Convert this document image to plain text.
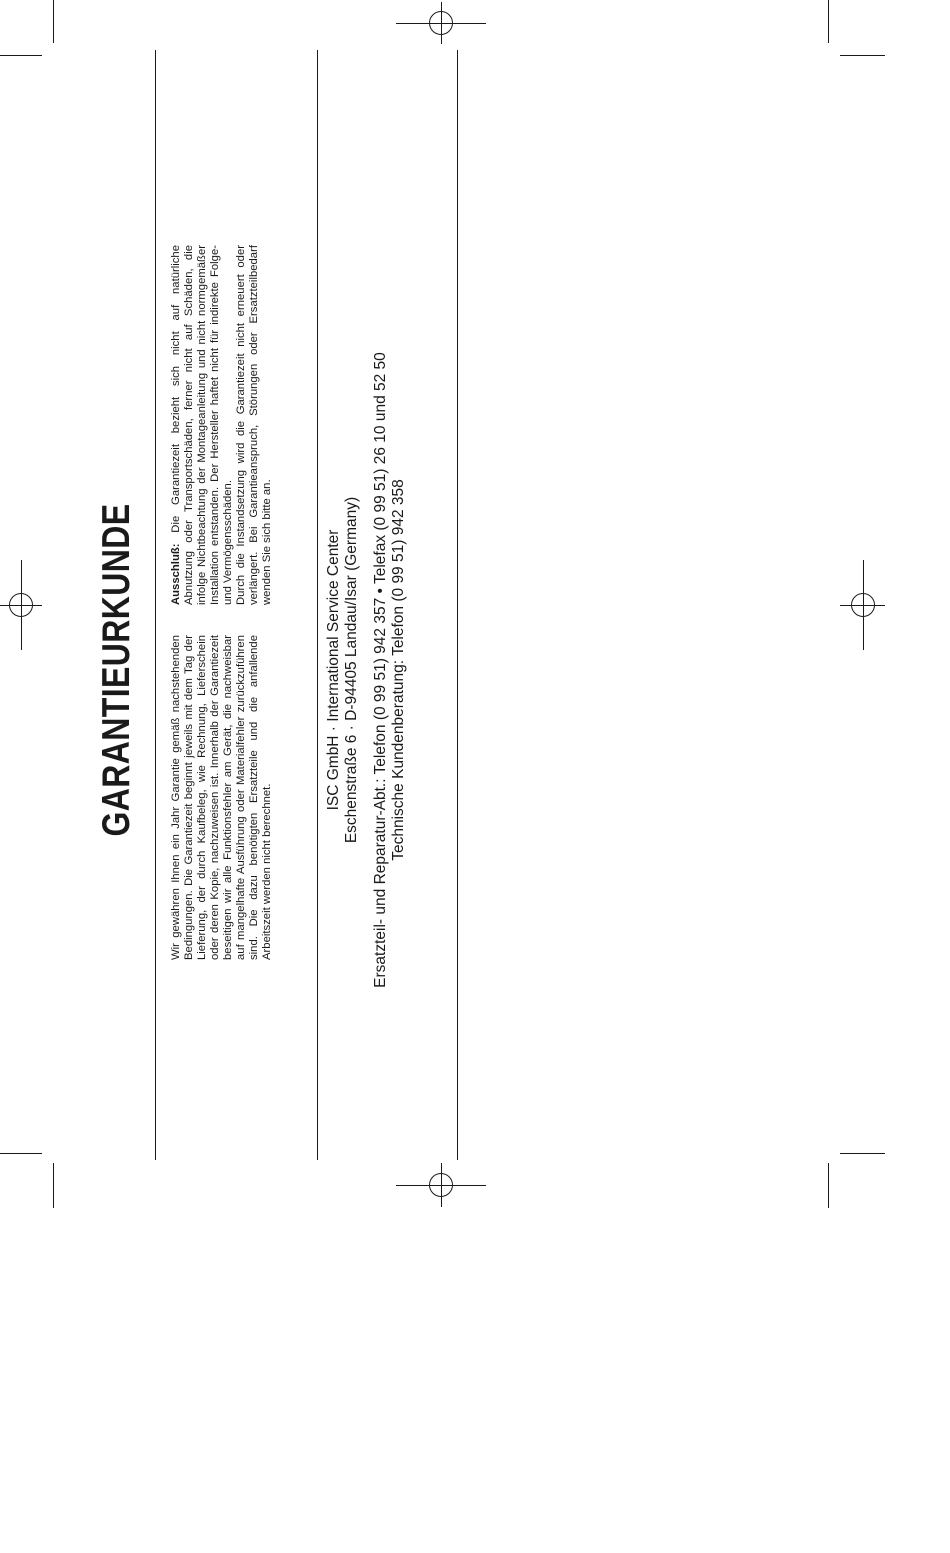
GARANTIEURKUNDE	Wir gewähren Ihnen ein Jahr Garantie gemäß nachstehenden Bedingungen. Die Garantiezeit beginnt jeweils mit dem Tag der Lieferung, der durch Kaufbeleg, wie Rechnung, Lieferschein oder deren Kopie, nachzuweisen ist. Innerhalb der Garantiezeit beseitigen wir alle Funktionsfehler am Gerät, die nachweisbar auf mangelhafte Ausführung oder Materialfehler zurückzuführen sind. Die dazu benötigten Ersatzteile und die anfallende Arbeitszeit werden nicht berechnet.

Ausschluß: Die Garantiezeit bezieht sich nicht auf natürliche Abnutzung oder Transportschäden, ferner nicht auf Schäden, die infolge Nichtbeachtung der Montageanleitung und nicht normgemäßer Installation entstanden. Der Hersteller haftet nicht für indirekte Folge- und Vermögensschäden. Durch die Instandsetzung wird die Garantiezeit nicht erneuert oder verlängert. Bei Garantieanspruch, Störungen oder Ersatzteilbedarf wenden Sie sich bitte an.	ISC GmbH · International Service Center Eschenstraße 6 · D-94405 Landau/Isar (Germany) Ersatzteil- und Reparatur-Abt.: Telefon (0 99 51) 942 357 • Telefax (0 99 51) 26 10 und 52 50 Technische Kundenberatung: Telefon (0 99 51) 942 358
